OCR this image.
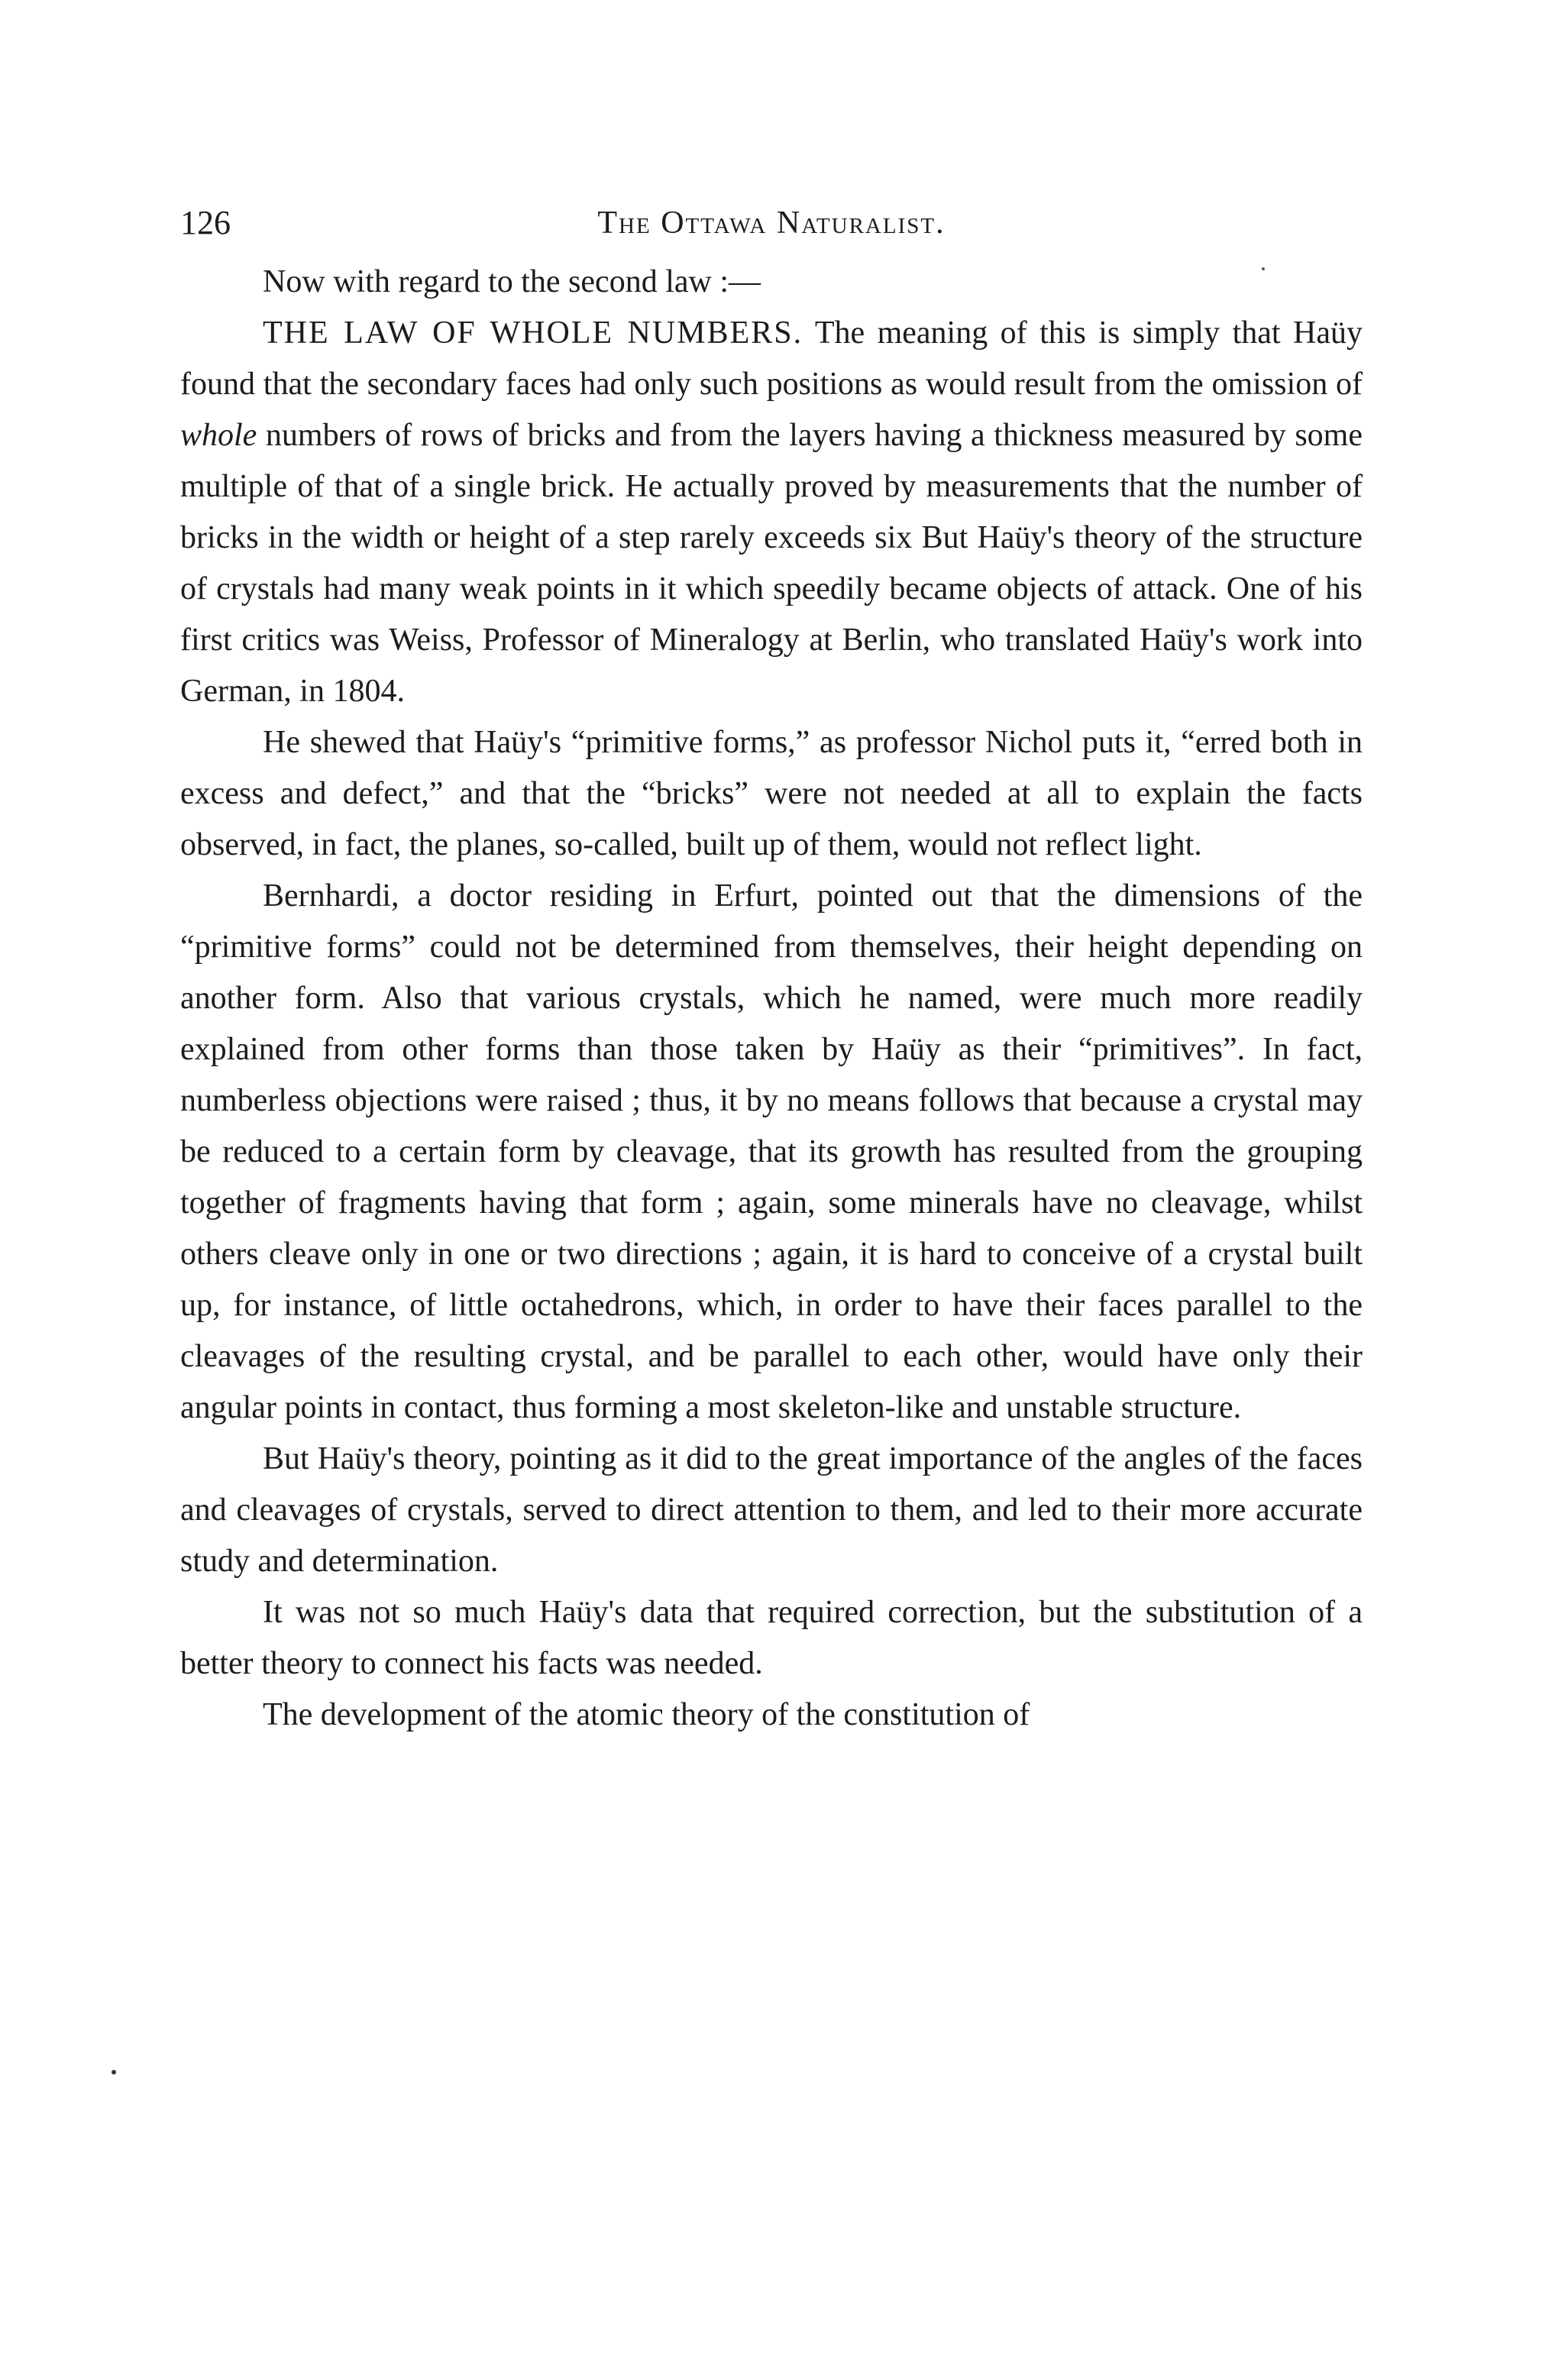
126	The Ottawa Naturalist.

Now with regard to the second law :—

THE LAW OF WHOLE NUMBERS. The meaning of this is simply that Haüy found that the secondary faces had only such positions as would result from the omission of whole numbers of rows of bricks and from the layers having a thickness measured by some multiple of that of a single brick. He actually proved by measurements that the number of bricks in the width or height of a step rarely exceeds six But Haüy's theory of the structure of crystals had many weak points in it which speedily became objects of attack. One of his first critics was Weiss, Professor of Mineralogy at Berlin, who translated Haüy's work into German, in 1804.

He shewed that Haüy's “primitive forms,” as professor Nichol puts it, “erred both in excess and defect,” and that the “bricks” were not needed at all to explain the facts observed, in fact, the planes, so-called, built up of them, would not reflect light.

Bernhardi, a doctor residing in Erfurt, pointed out that the dimensions of the “primitive forms” could not be determined from themselves, their height depending on another form. Also that various crystals, which he named, were much more readily explained from other forms than those taken by Haüy as their “primitives”. In fact, numberless objections were raised ; thus, it by no means follows that because a crystal may be reduced to a certain form by cleavage, that its growth has resulted from the grouping together of fragments having that form ; again, some minerals have no cleavage, whilst others cleave only in one or two directions ; again, it is hard to conceive of a crystal built up, for instance, of little octahedrons, which, in order to have their faces parallel to the cleavages of the resulting crystal, and be parallel to each other, would have only their angular points in contact, thus forming a most skeleton-like and unstable structure.

But Haüy's theory, pointing as it did to the great importance of the angles of the faces and cleavages of crystals, served to direct attention to them, and led to their more accurate study and determination.

It was not so much Haüy's data that required correction, but the substitution of a better theory to connect his facts was needed.

The development of the atomic theory of the constitution of
